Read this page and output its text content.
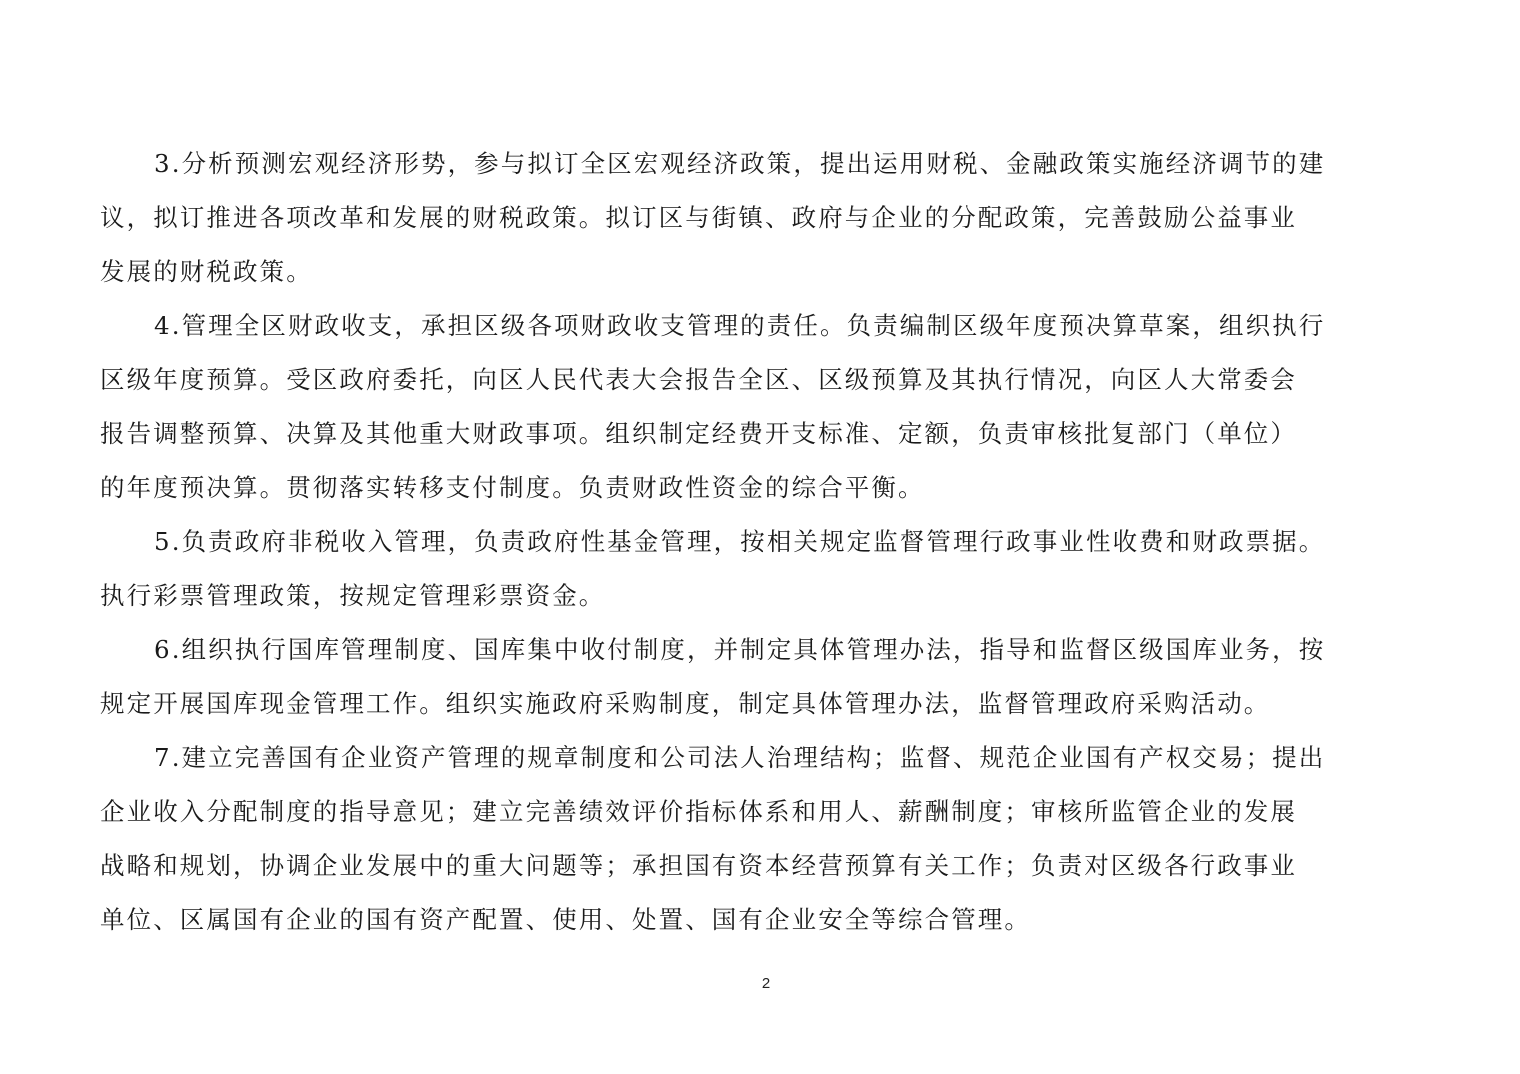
3.分析预测宏观经济形势，参与拟订全区宏观经济政策，提出运用财税、金融政策实施经济调节的建
议，拟订推进各项改革和发展的财税政策。拟订区与街镇、政府与企业的分配政策，完善鼓励公益事业
发展的财税政策。
4.管理全区财政收支，承担区级各项财政收支管理的责任。负责编制区级年度预决算草案，组织执行
区级年度预算。受区政府委托，向区人民代表大会报告全区、区级预算及其执行情况，向区人大常委会
报告调整预算、决算及其他重大财政事项。组织制定经费开支标准、定额，负责审核批复部门（单位）
的年度预决算。贯彻落实转移支付制度。负责财政性资金的综合平衡。
5.负责政府非税收入管理，负责政府性基金管理，按相关规定监督管理行政事业性收费和财政票据。
执行彩票管理政策，按规定管理彩票资金。
6.组织执行国库管理制度、国库集中收付制度，并制定具体管理办法，指导和监督区级国库业务，按
规定开展国库现金管理工作。组织实施政府采购制度，制定具体管理办法，监督管理政府采购活动。
7.建立完善国有企业资产管理的规章制度和公司法人治理结构；监督、规范企业国有产权交易；提出
企业收入分配制度的指导意见；建立完善绩效评价指标体系和用人、薪酬制度；审核所监管企业的发展
战略和规划，协调企业发展中的重大问题等；承担国有资本经营预算有关工作；负责对区级各行政事业
单位、区属国有企业的国有资产配置、使用、处置、国有企业安全等综合管理。
2
